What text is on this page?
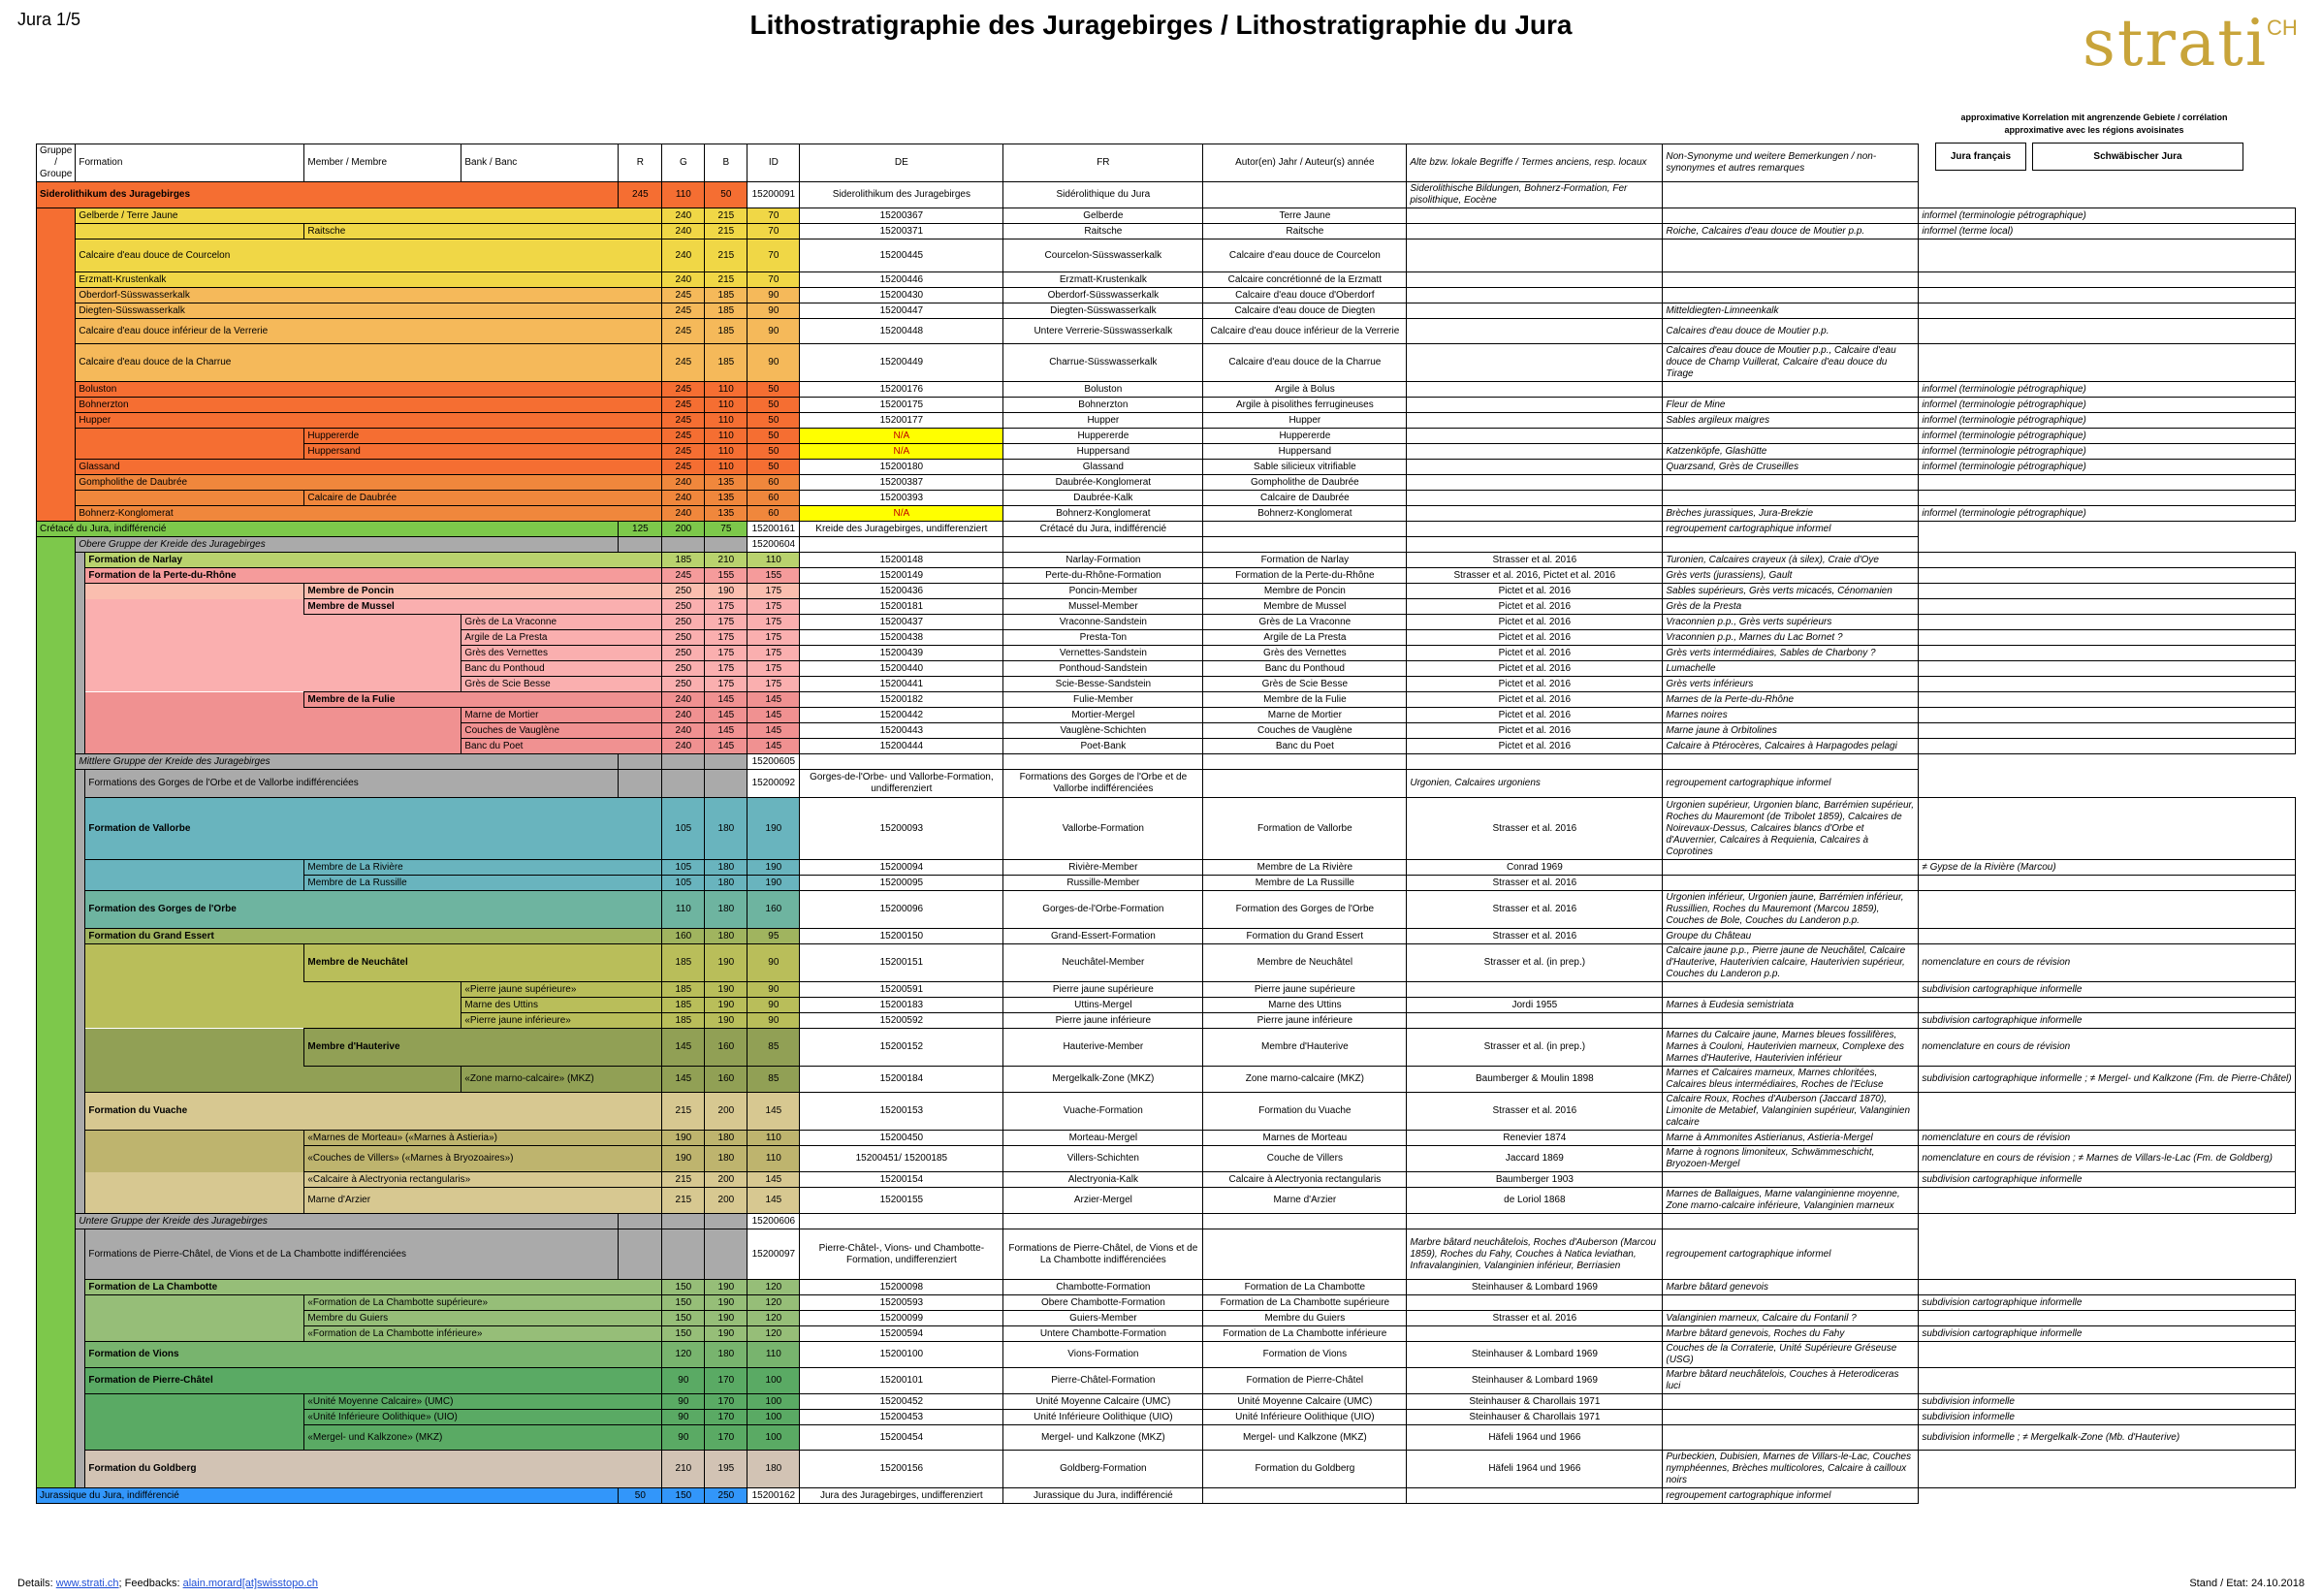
Jura 1/5	Lithostratigraphie des Juragebirges / Lithostratigraphie du Jura	strati CH
approximative Korrelation mit angrenzende Gebiete / corrélation approximative avec les régions avoisinates
Jura français	Schwäbischer Jura
Gruppe / Groupe	Formation		Member / Membre	Bank / Banc	R	G	B	ID	DE	FR	Autor(en) Jahr / Auteur(s) année	Alte bzw. lokale Begriffe / Termes anciens, resp. locaux	Non-Synonyme und weitere Bemerkungen / non-synonymes et autres remarques	
Siderolithikum des Juragebirges					245	110	50	15200091	Siderolithikum des Juragebirges	Sidérolithique du Jura		Siderolithische Bildungen, Bohnerz-Formation, Fer pisolithique, Eocène		
	Gelberde / Terre Jaune					240	215	70	15200367	Gelberde	Terre Jaune			informel (terminologie pétrographique)
			Raitsche			240	215	70	15200371	Raitsche	Raitsche		Roiche, Calcaires d'eau douce de Moutier p.p.	informel (terme local)
	Calcaire d'eau douce de Courcelon					240	215	70	15200445	Courcelon-Süsswasserkalk	Calcaire d'eau douce de Courcelon			
	Erzmatt-Krustenkalk					240	215	70	15200446	Erzmatt-Krustenkalk	Calcaire concrétionné de la Erzmatt			
	Oberdorf-Süsswasserkalk					245	185	90	15200430	Oberdorf-Süsswasserkalk	Calcaire d'eau douce d'Oberdorf			
	Diegten-Süsswasserkalk					245	185	90	15200447	Diegten-Süsswasserkalk	Calcaire d'eau douce de Diegten		Mitteldiegten-Limneenkalk	
	Calcaire d'eau douce inférieur de la Verrerie					245	185	90	15200448	Untere Verrerie-Süsswasserkalk	Calcaire d'eau douce inférieur de la Verrerie		Calcaires d'eau douce de Moutier p.p.	
	Calcaire d'eau douce de la Charrue					245	185	90	15200449	Charrue-Süsswasserkalk	Calcaire d'eau douce de la Charrue		Calcaires d'eau douce de Moutier p.p., Calcaire d'eau douce de Champ Vuillerat, Calcaire d'eau douce du Tirage	
	Boluston					245	110	50	15200176	Boluston	Argile à Bolus			informel (terminologie pétrographique)
	Bohnerzton					245	110	50	15200175	Bohnerzton	Argile à pisolithes ferrugineuses		Fleur de Mine	informel (terminologie pétrographique)
	Hupper					245	110	50	15200177	Hupper	Hupper		Sables argileux maigres	informel (terminologie pétrographique)
			Huppererde			245	110	50	N/A	Huppererde	Huppererde			informel (terminologie pétrographique)
			Huppersand			245	110	50	N/A	Huppersand	Huppersand		Katzenköpfe, Glashütte	informel (terminologie pétrographique)
	Glassand					245	110	50	15200180	Glassand	Sable silicieux vitrifiable		Quarzsand, Grès de Cruseilles	informel (terminologie pétrographique)
	Gompholithe de Daubrée					240	135	60	15200387	Daubrée-Konglomerat	Gompholithe de Daubrée			
			Calcaire de Daubrée			240	135	60	15200393	Daubrée-Kalk	Calcaire de Daubrée			
	Bohnerz-Konglomerat					240	135	60	N/A	Bohnerz-Konglomerat	Bohnerz-Konglomerat		Brèches jurassiques, Jura-Brekzie	informel (terminologie pétrographique)
Crétacé du Jura, indifférencié					125	200	75	15200161	Kreide des Juragebirges, undifferenziert	Crétacé du Jura, indifférencié			regroupement cartographique informel	
	Obere Gruppe der Kreide des Juragebirges							15200604						
		Formation de Narlay				185	210	110	15200148	Narlay-Formation	Formation de Narlay	Strasser et al. 2016	Turonien, Calcaires crayeux (à silex), Craie d'Oye	
		Formation de la Perte-du-Rhône				245	155	155	15200149	Perte-du-Rhône-Formation	Formation de la Perte-du-Rhône	Strasser et al. 2016, Pictet et al. 2016	Grès verts (jurassiens), Gault	
			Membre de Poncin			250	190	175	15200436	Poncin-Member	Membre de Poncin	Pictet et al. 2016	Sables supérieurs, Grès verts micacés, Cénomanien	
			Membre de Mussel			250	175	175	15200181	Mussel-Member	Membre de Mussel	Pictet et al. 2016	Grès de la Presta	
				Grès de La Vraconne		250	175	175	15200437	Vraconne-Sandstein	Grès de La Vraconne	Pictet et al. 2016	Vraconnien p.p., Grès verts supérieurs	
				Argile de La Presta		250	175	175	15200438	Presta-Ton	Argile de La Presta	Pictet et al. 2016	Vraconnien p.p., Marnes du Lac Bornet ?	
				Grès des Vernettes		250	175	175	15200439	Vernettes-Sandstein	Grès des Vernettes	Pictet et al. 2016	Grès verts intermédiaires, Sables de Charbony ?	
				Banc du Ponthoud		250	175	175	15200440	Ponthoud-Sandstein	Banc du Ponthoud	Pictet et al. 2016	Lumachelle	
				Grès de Scie Besse		250	175	175	15200441	Scie-Besse-Sandstein	Grès de Scie Besse	Pictet et al. 2016	Grès verts inférieurs	
			Membre de la Fulie			240	145	145	15200182	Fulie-Member	Membre de la Fulie	Pictet et al. 2016	Marnes de la Perte-du-Rhône	
				Marne de Mortier		240	145	145	15200442	Mortier-Mergel	Marne de Mortier	Pictet et al. 2016	Marnes noires	
				Couches de Vauglène		240	145	145	15200443	Vauglène-Schichten	Couches de Vauglène	Pictet et al. 2016	Marne jaune à Orbitolines	
				Banc du Poet		240	145	145	15200444	Poet-Bank	Banc du Poet	Pictet et al. 2016	Calcaire à Ptérocères, Calcaires à Harpagodes pelagi	
	Mittlere Gruppe der Kreide des Juragebirges							15200605						
		Formations des Gorges de l'Orbe et de Vallorbe indifférenciées						15200092	Gorges-de-l'Orbe- und Vallorbe-Formation, undifferenziert	Formations des Gorges de l'Orbe et de Vallorbe indifférenciées		Urgonien, Calcaires urgoniens	regroupement cartographique informel	
		Formation de Vallorbe				105	180	190	15200093	Vallorbe-Formation	Formation de Vallorbe	Strasser et al. 2016	Urgonien supérieur, Urgonien blanc, Barrémien supérieur, Roches du Mauremont (de Tribolet 1859), Calcaires de Noirevaux-Dessus, Calcaires blancs d'Orbe et d'Auvernier, Calcaires à Requienia, Calcaires à Coprotines	
			Membre de La Rivière			105	180	190	15200094	Rivière-Member	Membre de La Rivière	Conrad 1969		≠ Gypse de la Rivière (Marcou)
			Membre de La Russille			105	180	190	15200095	Russille-Member	Membre de La Russille	Strasser et al. 2016		
		Formation des Gorges de l'Orbe				110	180	160	15200096	Gorges-de-l'Orbe-Formation	Formation des Gorges de l'Orbe	Strasser et al. 2016	Urgonien inférieur, Urgonien jaune, Barrémien inférieur, Russillien, Roches du Mauremont (Marcou 1859), Couches de Bole, Couches du Landeron p.p.	
		Formation du Grand Essert				160	180	95	15200150	Grand-Essert-Formation	Formation du Grand Essert	Strasser et al. 2016	Groupe du Château	
			Membre de Neuchâtel			185	190	90	15200151	Neuchâtel-Member	Membre de Neuchâtel	Strasser et al. (in prep.)	Calcaire jaune p.p., Pierre jaune de Neuchâtel, Calcaire d'Hauterive, Hauterivien calcaire, Hauterivien supérieur, Couches du Landeron p.p.	nomenclature en cours de révision
				«Pierre jaune supérieure»		185	190	90	15200591	Pierre jaune supérieure	Pierre jaune supérieure			subdivision cartographique informelle
				Marne des Uttins		185	190	90	15200183	Uttins-Mergel	Marne des Uttins	Jordi 1955	Marnes à Eudesia semistriata	
				«Pierre jaune inférieure»		185	190	90	15200592	Pierre jaune inférieure	Pierre jaune inférieure			subdivision cartographique informelle
			Membre d'Hauterive			145	160	85	15200152	Hauterive-Member	Membre d'Hauterive	Strasser et al. (in prep.)	Marnes du Calcaire jaune, Marnes bleues fossilifères, Marnes à Couloni, Hauterivien marneux, Complexe des Marnes d'Hauterive, Hauterivien inférieur	nomenclature en cours de révision
				«Zone marno-calcaire» (MKZ)		145	160	85	15200184	Mergelkalk-Zone (MKZ)	Zone marno-calcaire (MKZ)	Baumberger & Moulin 1898	Marnes et Calcaires marneux, Marnes chloritées, Calcaires bleus intermédiaires, Roches de l'Ecluse	subdivision cartographique informelle ; ≠ Mergel- und Kalkzone (Fm. de Pierre-Châtel)
		Formation du Vuache				215	200	145	15200153	Vuache-Formation	Formation du Vuache	Strasser et al. 2016	Calcaire Roux, Roches d'Auberson (Jaccard 1870), Limonite de Metabief, Valanginien supérieur, Valanginien calcaire	
			«Marnes de Morteau» («Marnes à Astieria»)			190	180	110	15200450	Morteau-Mergel	Marnes de Morteau	Renevier 1874	Marne à Ammonites Astierianus, Astieria-Mergel	nomenclature en cours de révision
			«Couches de Villers» («Marnes à Bryozoaires»)			190	180	110	15200451/ 15200185	Villers-Schichten	Couche de Villers	Jaccard 1869	Marne à rognons limoniteux, Schwämmeschicht, Bryozoen-Mergel	nomenclature en cours de révision ; ≠ Marnes de Villars-le-Lac (Fm. de Goldberg)
			«Calcaire à Alectryonia rectangularis»			215	200	145	15200154	Alectryonia-Kalk	Calcaire à Alectryonia rectangularis	Baumberger 1903		subdivision cartographique informelle
			Marne d'Arzier			215	200	145	15200155	Arzier-Mergel	Marne d'Arzier	de Loriol 1868	Marnes de Ballaigues, Marne valanginienne moyenne, Zone marno-calcaire inférieure, Valanginien marneux	
	Untere Gruppe der Kreide des Juragebirges							15200606						
		Formations de Pierre-Châtel, de Vions et de La Chambotte indifférenciées						15200097	Pierre-Châtel-, Vions- und Chambotte-Formation, undifferenziert	Formations de Pierre-Châtel, de Vions et de La Chambotte indifférenciées		Marbre bâtard neuchâtelois, Roches d'Auberson (Marcou 1859), Roches du Fahy, Couches à Natica leviathan, Infravalanginien, Valanginien inférieur, Berriasien	regroupement cartographique informel	
		Formation de La Chambotte				150	190	120	15200098	Chambotte-Formation	Formation de La Chambotte	Steinhauser & Lombard 1969	Marbre bâtard genevois	
			«Formation de La Chambotte supérieure»			150	190	120	15200593	Obere Chambotte-Formation	Formation de La Chambotte supérieure			subdivision cartographique informelle
			Membre du Guiers			150	190	120	15200099	Guiers-Member	Membre du Guiers	Strasser et al. 2016	Valanginien marneux, Calcaire du Fontanil ?	
			«Formation de La Chambotte inférieure»			150	190	120	15200594	Untere Chambotte-Formation	Formation de La Chambotte inférieure		Marbre bâtard genevois, Roches du Fahy	subdivision cartographique informelle
		Formation de Vions				120	180	110	15200100	Vions-Formation	Formation de Vions	Steinhauser & Lombard 1969	Couches de la Corraterie, Unité Supérieure Gréseuse (USG)	
		Formation de Pierre-Châtel				90	170	100	15200101	Pierre-Châtel-Formation	Formation de Pierre-Châtel	Steinhauser & Lombard 1969	Marbre bâtard neuchâtelois, Couches à Heterodiceras luci	
			«Unité Moyenne Calcaire» (UMC)			90	170	100	15200452	Unité Moyenne Calcaire (UMC)	Unité Moyenne Calcaire (UMC)	Steinhauser & Charollais 1971		subdivision informelle
			«Unité Inférieure Oolithique» (UIO)			90	170	100	15200453	Unité Inférieure Oolithique (UIO)	Unité Inférieure Oolithique (UIO)	Steinhauser & Charollais 1971		subdivision informelle
			«Mergel- und Kalkzone» (MKZ)			90	170	100	15200454	Mergel- und Kalkzone (MKZ)	Mergel- und Kalkzone (MKZ)	Häfeli 1964 und 1966		subdivision informelle ; ≠ Mergelkalk-Zone (Mb. d'Hauterive)
		Formation du Goldberg				210	195	180	15200156	Goldberg-Formation	Formation du Goldberg	Häfeli 1964 und 1966	Purbeckien, Dubisien, Marnes de Villars-le-Lac, Couches nymphéennes, Brèches multicolores, Calcaire à cailloux noirs	
Jurassique du Jura, indifférencié					50	150	250	15200162	Jura des Juragebirges, undifferenziert	Jurassique du Jura, indifférencié			regroupement cartographique informel	
Details: www.strati.ch; Feedbacks: alain.morard[at]swisstopo.ch	Stand / Etat: 24.10.2018
